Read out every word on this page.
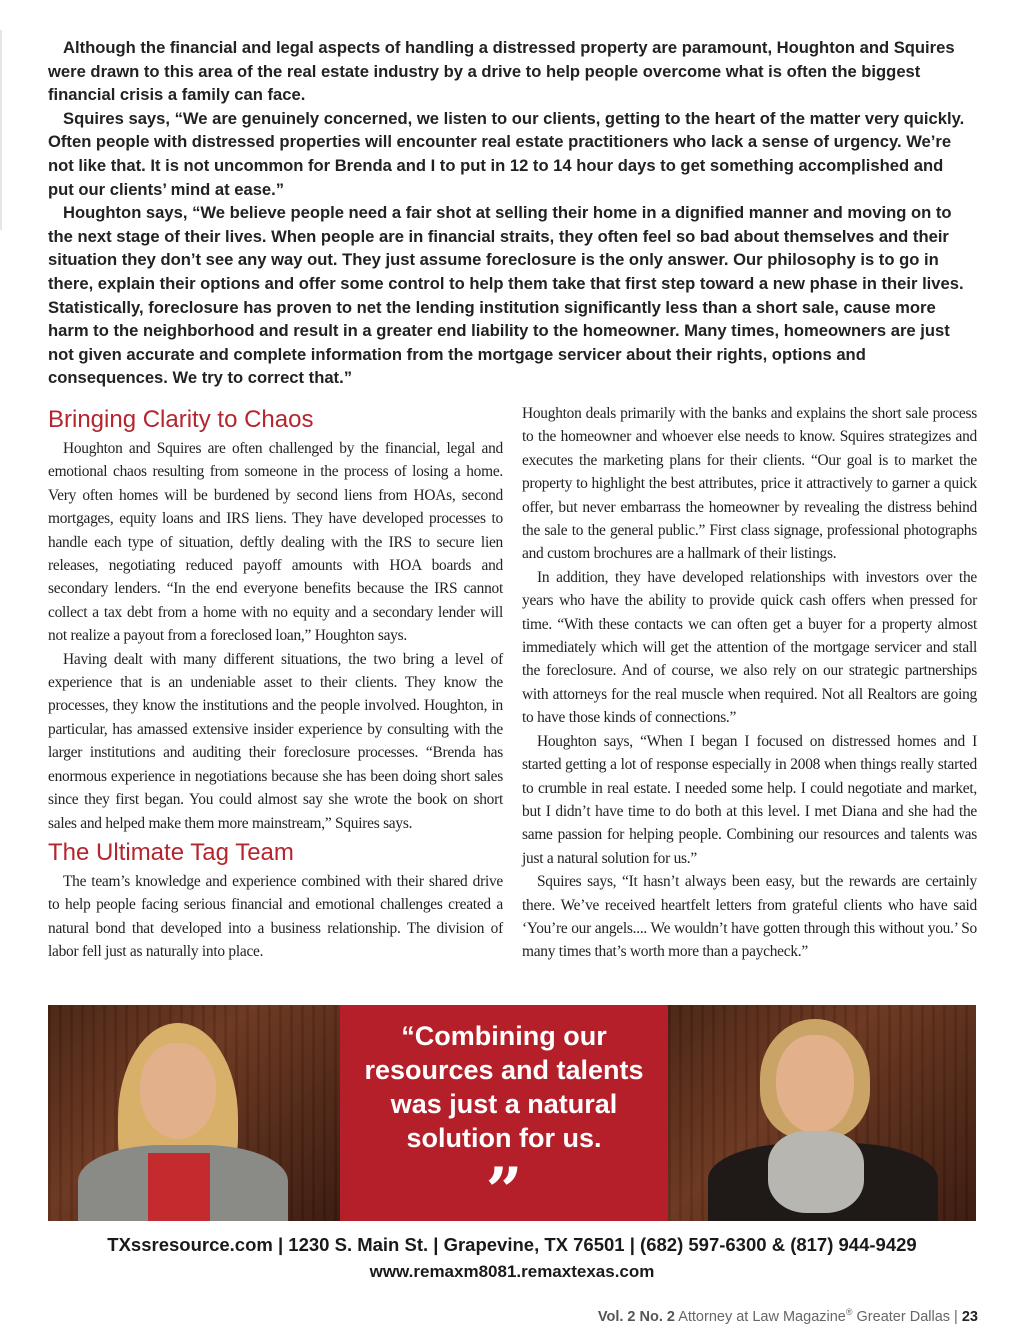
Although the financial and legal aspects of handling a distressed property are paramount, Houghton and Squires were drawn to this area of the real estate industry by a drive to help people overcome what is often the biggest financial crisis a family can face.

Squires says, “We are genuinely concerned, we listen to our clients, getting to the heart of the matter very quickly. Often people with distressed properties will encounter real estate practitioners who lack a sense of urgency. We’re not like that. It is not uncommon for Brenda and I to put in 12 to 14 hour days to get something accomplished and put our clients’ mind at ease.”

Houghton says, “We believe people need a fair shot at selling their home in a dignified manner and moving on to the next stage of their lives. When people are in financial straits, they often feel so bad about themselves and their situation they don’t see any way out. They just assume foreclosure is the only answer. Our philosophy is to go in there, explain their options and offer some control to help them take that first step toward a new phase in their lives. Statistically, foreclosure has proven to net the lending institution significantly less than a short sale, cause more harm to the neighborhood and result in a greater end liability to the homeowner. Many times, homeowners are just not given accurate and complete information from the mortgage servicer about their rights, options and consequences. We try to correct that.”

Bringing Clarity to Chaos

Houghton and Squires are often challenged by the financial, legal and emotional chaos resulting from someone in the process of losing a home. Very often homes will be burdened by second liens from HOAs, second mortgages, equity loans and IRS liens. They have developed processes to handle each type of situation, deftly dealing with the IRS to secure lien releases, negotiating reduced payoff amounts with HOA boards and secondary lenders. “In the end everyone benefits because the IRS cannot collect a tax debt from a home with no equity and a secondary lender will not realize a payout from a foreclosed loan,” Houghton says.

Having dealt with many different situations, the two bring a level of experience that is an undeniable asset to their clients. They know the processes, they know the institutions and the people involved. Houghton, in particular, has amassed extensive insider experience by consulting with the larger institutions and auditing their foreclosure processes. “Brenda has enormous experience in negotiations because she has been doing short sales since they first began. You could almost say she wrote the book on short sales and helped make them more mainstream,” Squires says.

The Ultimate Tag Team

The team’s knowledge and experience combined with their shared drive to help people facing serious financial and emotional challenges created a natural bond that developed into a business relationship. The division of labor fell just as naturally into place.

Houghton deals primarily with the banks and explains the short sale process to the homeowner and whoever else needs to know. Squires strategizes and executes the marketing plans for their clients. “Our goal is to market the property to highlight the best attributes, price it attractively to garner a quick offer, but never embarrass the homeowner by revealing the distress behind the sale to the general public.” First class signage, professional photographs and custom brochures are a hallmark of their listings.

In addition, they have developed relationships with investors over the years who have the ability to provide quick cash offers when pressed for time. “With these contacts we can often get a buyer for a property almost immediately which will get the attention of the mortgage servicer and stall the foreclosure. And of course, we also rely on our strategic partnerships with attorneys for the real muscle when required. Not all Realtors are going to have those kinds of connections.”

Houghton says, “When I began I focused on distressed homes and I started getting a lot of response especially in 2008 when things really started to crumble in real estate. I needed some help. I could negotiate and market, but I didn’t have time to do both at this level. I met Diana and she had the same passion for helping people. Combining our resources and talents was just a natural solution for us.”

Squires says, “It hasn’t always been easy, but the rewards are certainly there. We’ve received heartfelt letters from grateful clients who have said ‘You’re our angels.... We wouldn’t have gotten through this without you.’ So many times that’s worth more than a paycheck.”

“Combining our resources and talents was just a natural solution for us.
”
TXssresource.com | 1230 S. Main St. | Grapevine, TX 76501 | (682) 597-6300 & (817) 944-9429
www.remaxm8081.remaxtexas.com
Vol. 2 No. 2 Attorney at Law Magazine® Greater Dallas | 23
